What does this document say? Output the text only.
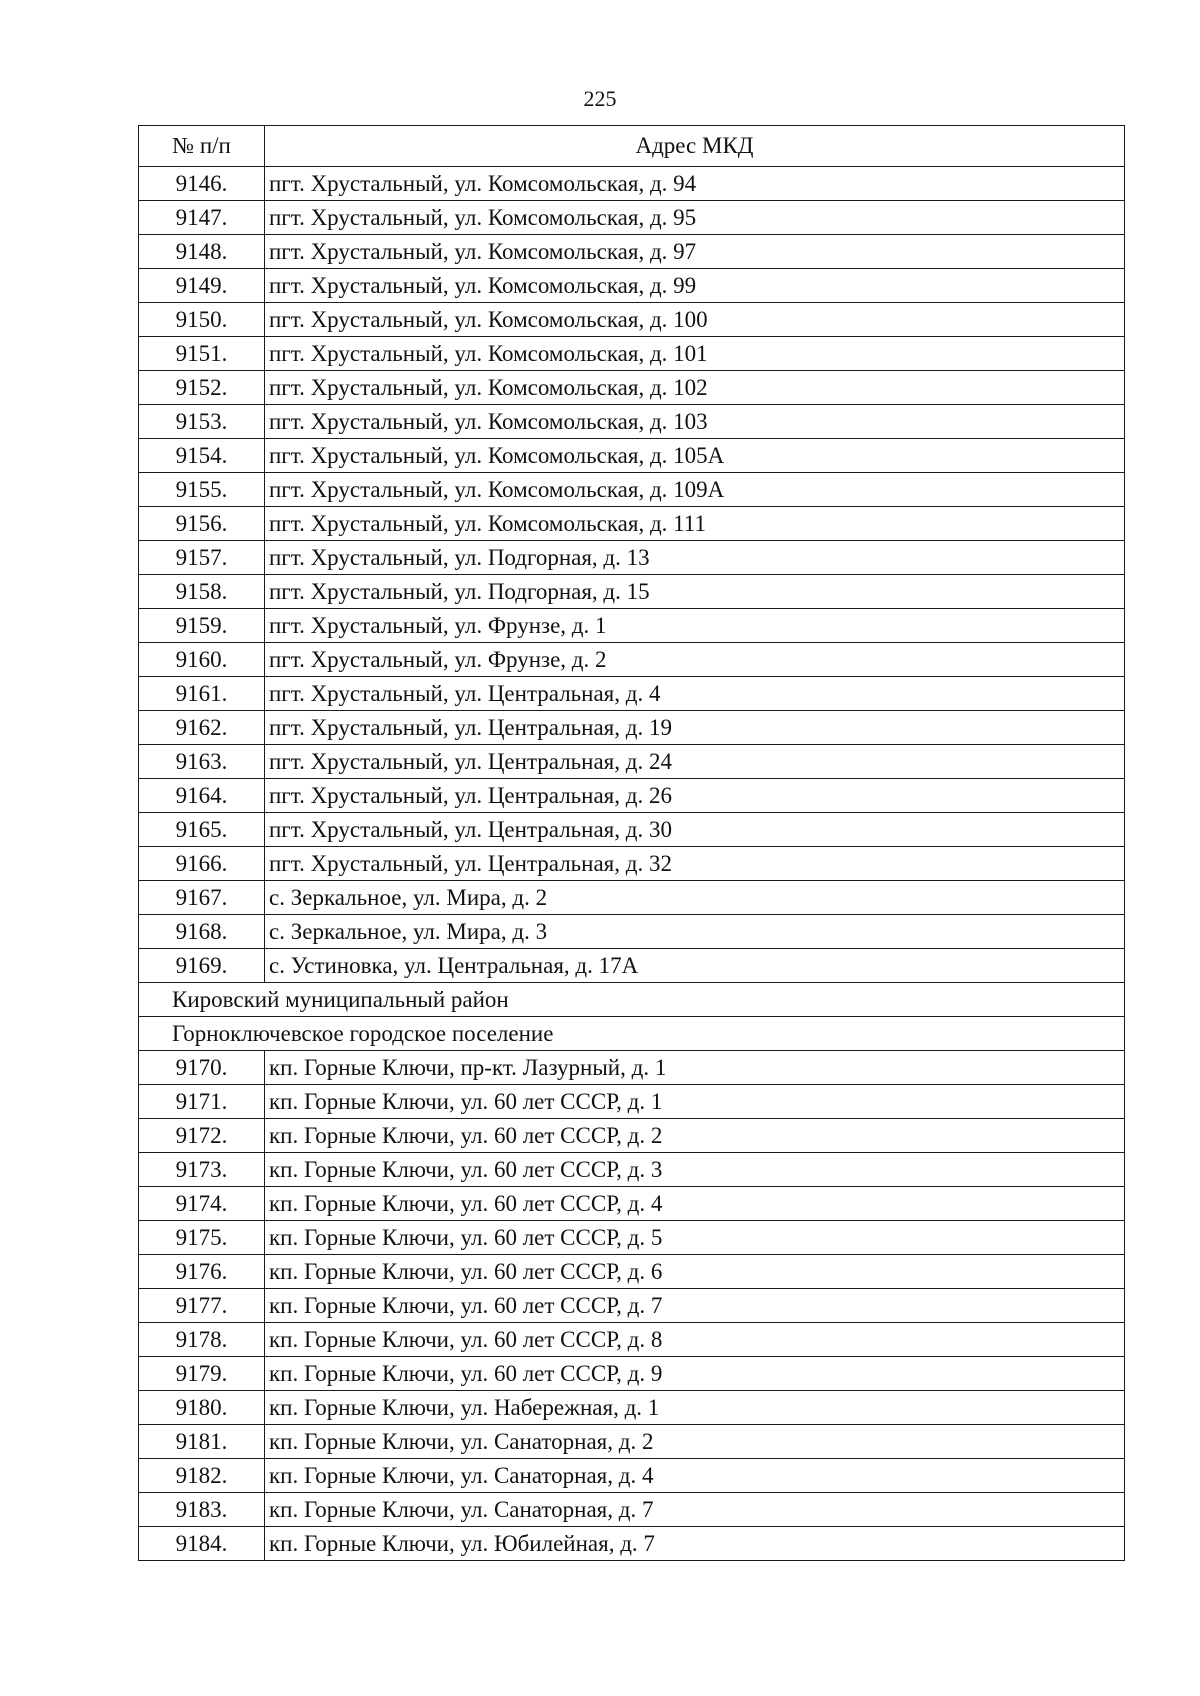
225
№ п/п	Адрес МКД
9146.	пгт. Хрустальный, ул. Комсомольская, д. 94
9147.	пгт. Хрустальный, ул. Комсомольская, д. 95
9148.	пгт. Хрустальный, ул. Комсомольская, д. 97
9149.	пгт. Хрустальный, ул. Комсомольская, д. 99
9150.	пгт. Хрустальный, ул. Комсомольская, д. 100
9151.	пгт. Хрустальный, ул. Комсомольская, д. 101
9152.	пгт. Хрустальный, ул. Комсомольская, д. 102
9153.	пгт. Хрустальный, ул. Комсомольская, д. 103
9154.	пгт. Хрустальный, ул. Комсомольская, д. 105А
9155.	пгт. Хрустальный, ул. Комсомольская, д. 109А
9156.	пгт. Хрустальный, ул. Комсомольская, д. 111
9157.	пгт. Хрустальный, ул. Подгорная, д. 13
9158.	пгт. Хрустальный, ул. Подгорная, д. 15
9159.	пгт. Хрустальный, ул. Фрунзе, д. 1
9160.	пгт. Хрустальный, ул. Фрунзе, д. 2
9161.	пгт. Хрустальный, ул. Центральная, д. 4
9162.	пгт. Хрустальный, ул. Центральная, д. 19
9163.	пгт. Хрустальный, ул. Центральная, д. 24
9164.	пгт. Хрустальный, ул. Центральная, д. 26
9165.	пгт. Хрустальный, ул. Центральная, д. 30
9166.	пгт. Хрустальный, ул. Центральная, д. 32
9167.	с. Зеркальное, ул. Мира, д. 2
9168.	с. Зеркальное, ул. Мира, д. 3
9169.	с. Устиновка, ул. Центральная, д. 17А
Кировский муниципальный район	
Горноключевское городское поселение	
9170.	кп. Горные Ключи, пр-кт. Лазурный, д. 1
9171.	кп. Горные Ключи, ул. 60 лет СССР, д. 1
9172.	кп. Горные Ключи, ул. 60 лет СССР, д. 2
9173.	кп. Горные Ключи, ул. 60 лет СССР, д. 3
9174.	кп. Горные Ключи, ул. 60 лет СССР, д. 4
9175.	кп. Горные Ключи, ул. 60 лет СССР, д. 5
9176.	кп. Горные Ключи, ул. 60 лет СССР, д. 6
9177.	кп. Горные Ключи, ул. 60 лет СССР, д. 7
9178.	кп. Горные Ключи, ул. 60 лет СССР, д. 8
9179.	кп. Горные Ключи, ул. 60 лет СССР, д. 9
9180.	кп. Горные Ключи, ул. Набережная, д. 1
9181.	кп. Горные Ключи, ул. Санаторная, д. 2
9182.	кп. Горные Ключи, ул. Санаторная, д. 4
9183.	кп. Горные Ключи, ул. Санаторная, д. 7
9184.	кп. Горные Ключи, ул. Юбилейная, д. 7
